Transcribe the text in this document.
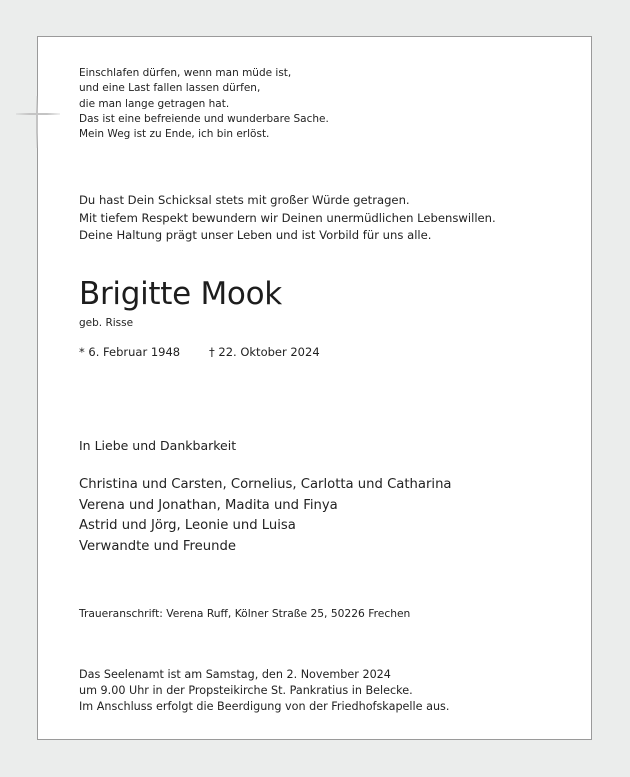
Einschlafen dürfen, wenn man müde ist,
und eine Last fallen lassen dürfen,
die man lange getragen hat.
Das ist eine befreiende und wunderbare Sache.
Mein Weg ist zu Ende, ich bin erlöst.
Du hast Dein Schicksal stets mit großer Würde getragen.
Mit tiefem Respekt bewundern wir Deinen unermüdlichen Lebenswillen.
Deine Haltung prägt unser Leben und ist Vorbild für uns alle.
Brigitte Mook
geb. Risse
* 6. Februar 1948	† 22. Oktober 2024
In Liebe und Dankbarkeit
Christina und Carsten, Cornelius, Carlotta und Catharina
Verena und Jonathan, Madita und Finya
Astrid und Jörg, Leonie und Luisa
Verwandte und Freunde
Traueranschrift: Verena Ruff, Kölner Straße 25, 50226 Frechen
Das Seelenamt ist am Samstag, den 2. November 2024
um 9.00 Uhr in der Propsteikirche St. Pankratius in Belecke.
Im Anschluss erfolgt die Beerdigung von der Friedhofskapelle aus.
